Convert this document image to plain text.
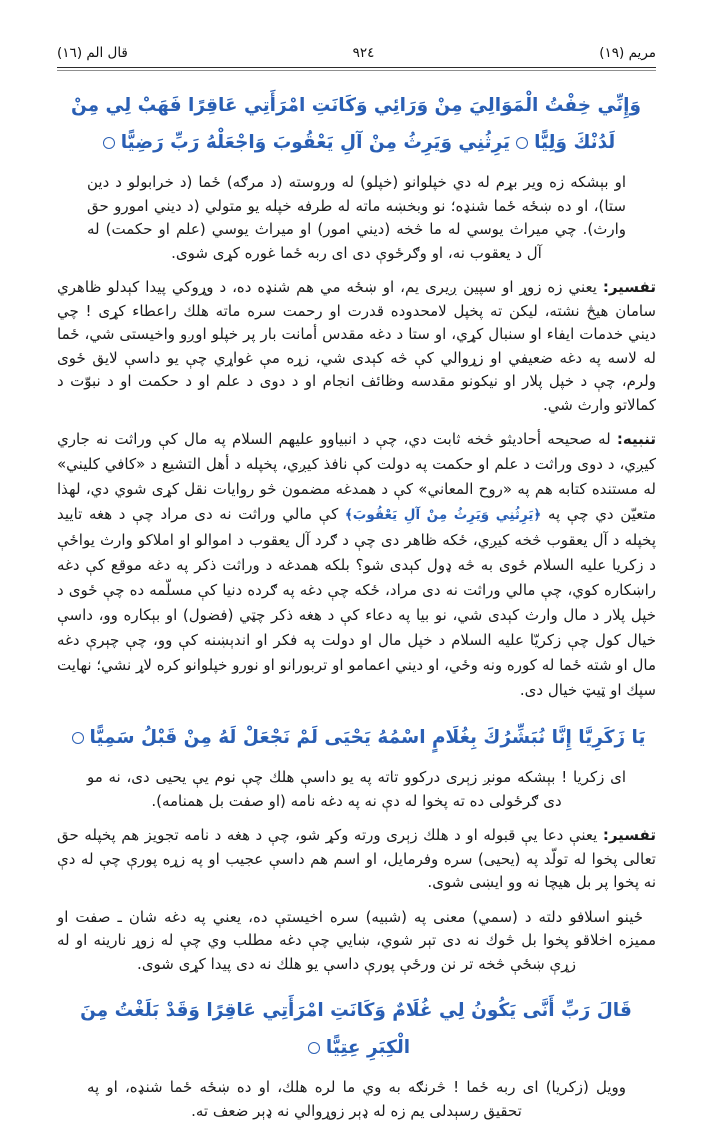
مريم (١٩)
٩٢٤
قال الم (١٦)
وَإِنِّي خِفْتُ الْمَوَالِيَ مِنْ وَرَائِي وَكَانَتِ امْرَأَتِي عَاقِرًا فَهَبْ لِي مِنْ لَدُنْكَ وَلِيًّايَرِثُنِي وَيَرِثُ مِنْ آلِ يَعْقُوبَ وَاجْعَلْهُ رَبِّ رَضِيًّا

او بېشكه زه وير بړم له دي خپلوانو (خپلو) له وروسته (د مرګه) ځما (د خرابولو د دين ستا)، او ده ښځه ځما شنډه؛ نو وبخښه ماته له طرفه خپله يو متولي (د ديني امورو حق وارث). چي ميراث يوسي له ما څخه (ديني امور) او ميراث يوسي (علم او حكمت) له آل د يعقوب نه، او وګرځوې دى اى ربه ځما غوره كړى شوى.

تفسير: يعني زه زوړ او سپين ږيرى يم، او ښځه مي هم شنډه ده، د وړوكي پيدا كېدلو ظاهري سامان هيڅ نشته، ليكن ته پخپل لامحدوده قدرت او رحمت سره ماته هلك راعطاء كړى ! چي ديني خدمات ايفاء او سنبال كړي، او ستا د دغه مقدس أمانت بار پر خپلو اوږو واخيستى شي، ځما له لاسه په دغه ضعيفي او زړوالي كې څه كېدى شي، زړه مې غواړي چې يو داسې لايق ځوى ولرم، چې د خپل پلار او نيكونو مقدسه وظائف انجام او د دوى د علم او د حكمت او د نبوّت د كمالاتو وارث شي.

تنبيه: له صحيحه أحاديثو څخه ثابت دي، چې د انبياوو عليهم السلام په مال كې وراثت نه جاري كيږي، د دوى وراثت د علم او حكمت په دولت كې نافذ كيږي، پخپله د أهل التشيع د «كافي كليني» له مستنده كتابه هم په «روح المعاني» كې د همدغه مضمون څو روايات نقل كړى شوي دي، لهذا متعيّن دي چې په ﴿يَرِثُنِي وَيَرِثُ مِنْ آلِ يَعْقُوبَ﴾ كې مالي وراثت نه دى مراد چې د هغه تاييد پخپله د آل يعقوب څخه كيږي، ځكه ظاهر دى چې د ګرد آل يعقوب د اموالو او املاكو وارث يواځې د زكريا عليه السلام ځوى به څه ډول كېدى شو؟ بلكه همدغه د وراثت ذكر په دغه موقع كې دغه راښكاره كوي، چې مالي وراثت نه دى مراد، ځكه چې دغه په ګرده دنيا كې مسلّمه ده چې ځوى د خپل پلار د مال وارث كېدى شي، نو بيا په دعاء كې د هغه ذكر چټي (فضول) او بېكاره وو، داسې خيال كول چې زكريّا عليه السلام د خپل مال او دولت په فكر او اندېښنه كې وو، چې چېرې دغه مال او شته ځما له كوره ونه وځي، او ديني اعمامو او تربورانو او نورو خپلوانو كره لاړ نشي؛ نهايت سپك او ټيټ خيال دى.

يَا زَكَرِيَّا إِنَّا نُبَشِّرُكَ بِغُلَامٍ اسْمُهُ يَحْيَى لَمْ نَجْعَلْ لَهُ مِنْ قَبْلُ سَمِيًّا

اى زكريا ! بېشكه مونږ زېرى دركوو تاته په يو داسې هلك چې نوم يې يحيى دى، نه مو دى ګرځولى ده ته پخوا له دې نه په دغه نامه (او صفت بل همنامه).

تفسير: يعنې دعا يې قبوله او د هلك زېرى ورته وكړ شو، چې د هغه د نامه تجويز هم پخپله حق تعالى پخوا له تولّد په (يحيى) سره وفرمايل، او اسم هم داسې عجيب او په زړه پورې چې له دې نه پخوا پر بل هيچا نه وو ايښى شوى.

ځينو اسلافو دلته د (سمي) معنى په (شبيه) سره اخيستې ده، يعني په دغه شان ـ صفت او مميزه اخلاقو پخوا بل څوك نه دى تېر شوي، ښايي چې دغه مطلب وي چې له زوړ نارينه او له زړې ښځې څخه تر نن ورځې پورې داسې يو هلك نه دى پيدا كړى شوى.

قَالَ رَبِّ أَنَّى يَكُونُ لِي غُلَامٌ وَكَانَتِ امْرَأَتِي عَاقِرًا وَقَدْ بَلَغْتُ مِنَ الْكِبَرِ عِتِيًّا

وويل (زكريا) اى ربه ځما ! څرنګه به وي ما لره هلك، او ده ښځه ځما شنډه، او په تحقيق رسېدلى يم زه له ډېر زوړوالي نه ډېر ضعف ته.
